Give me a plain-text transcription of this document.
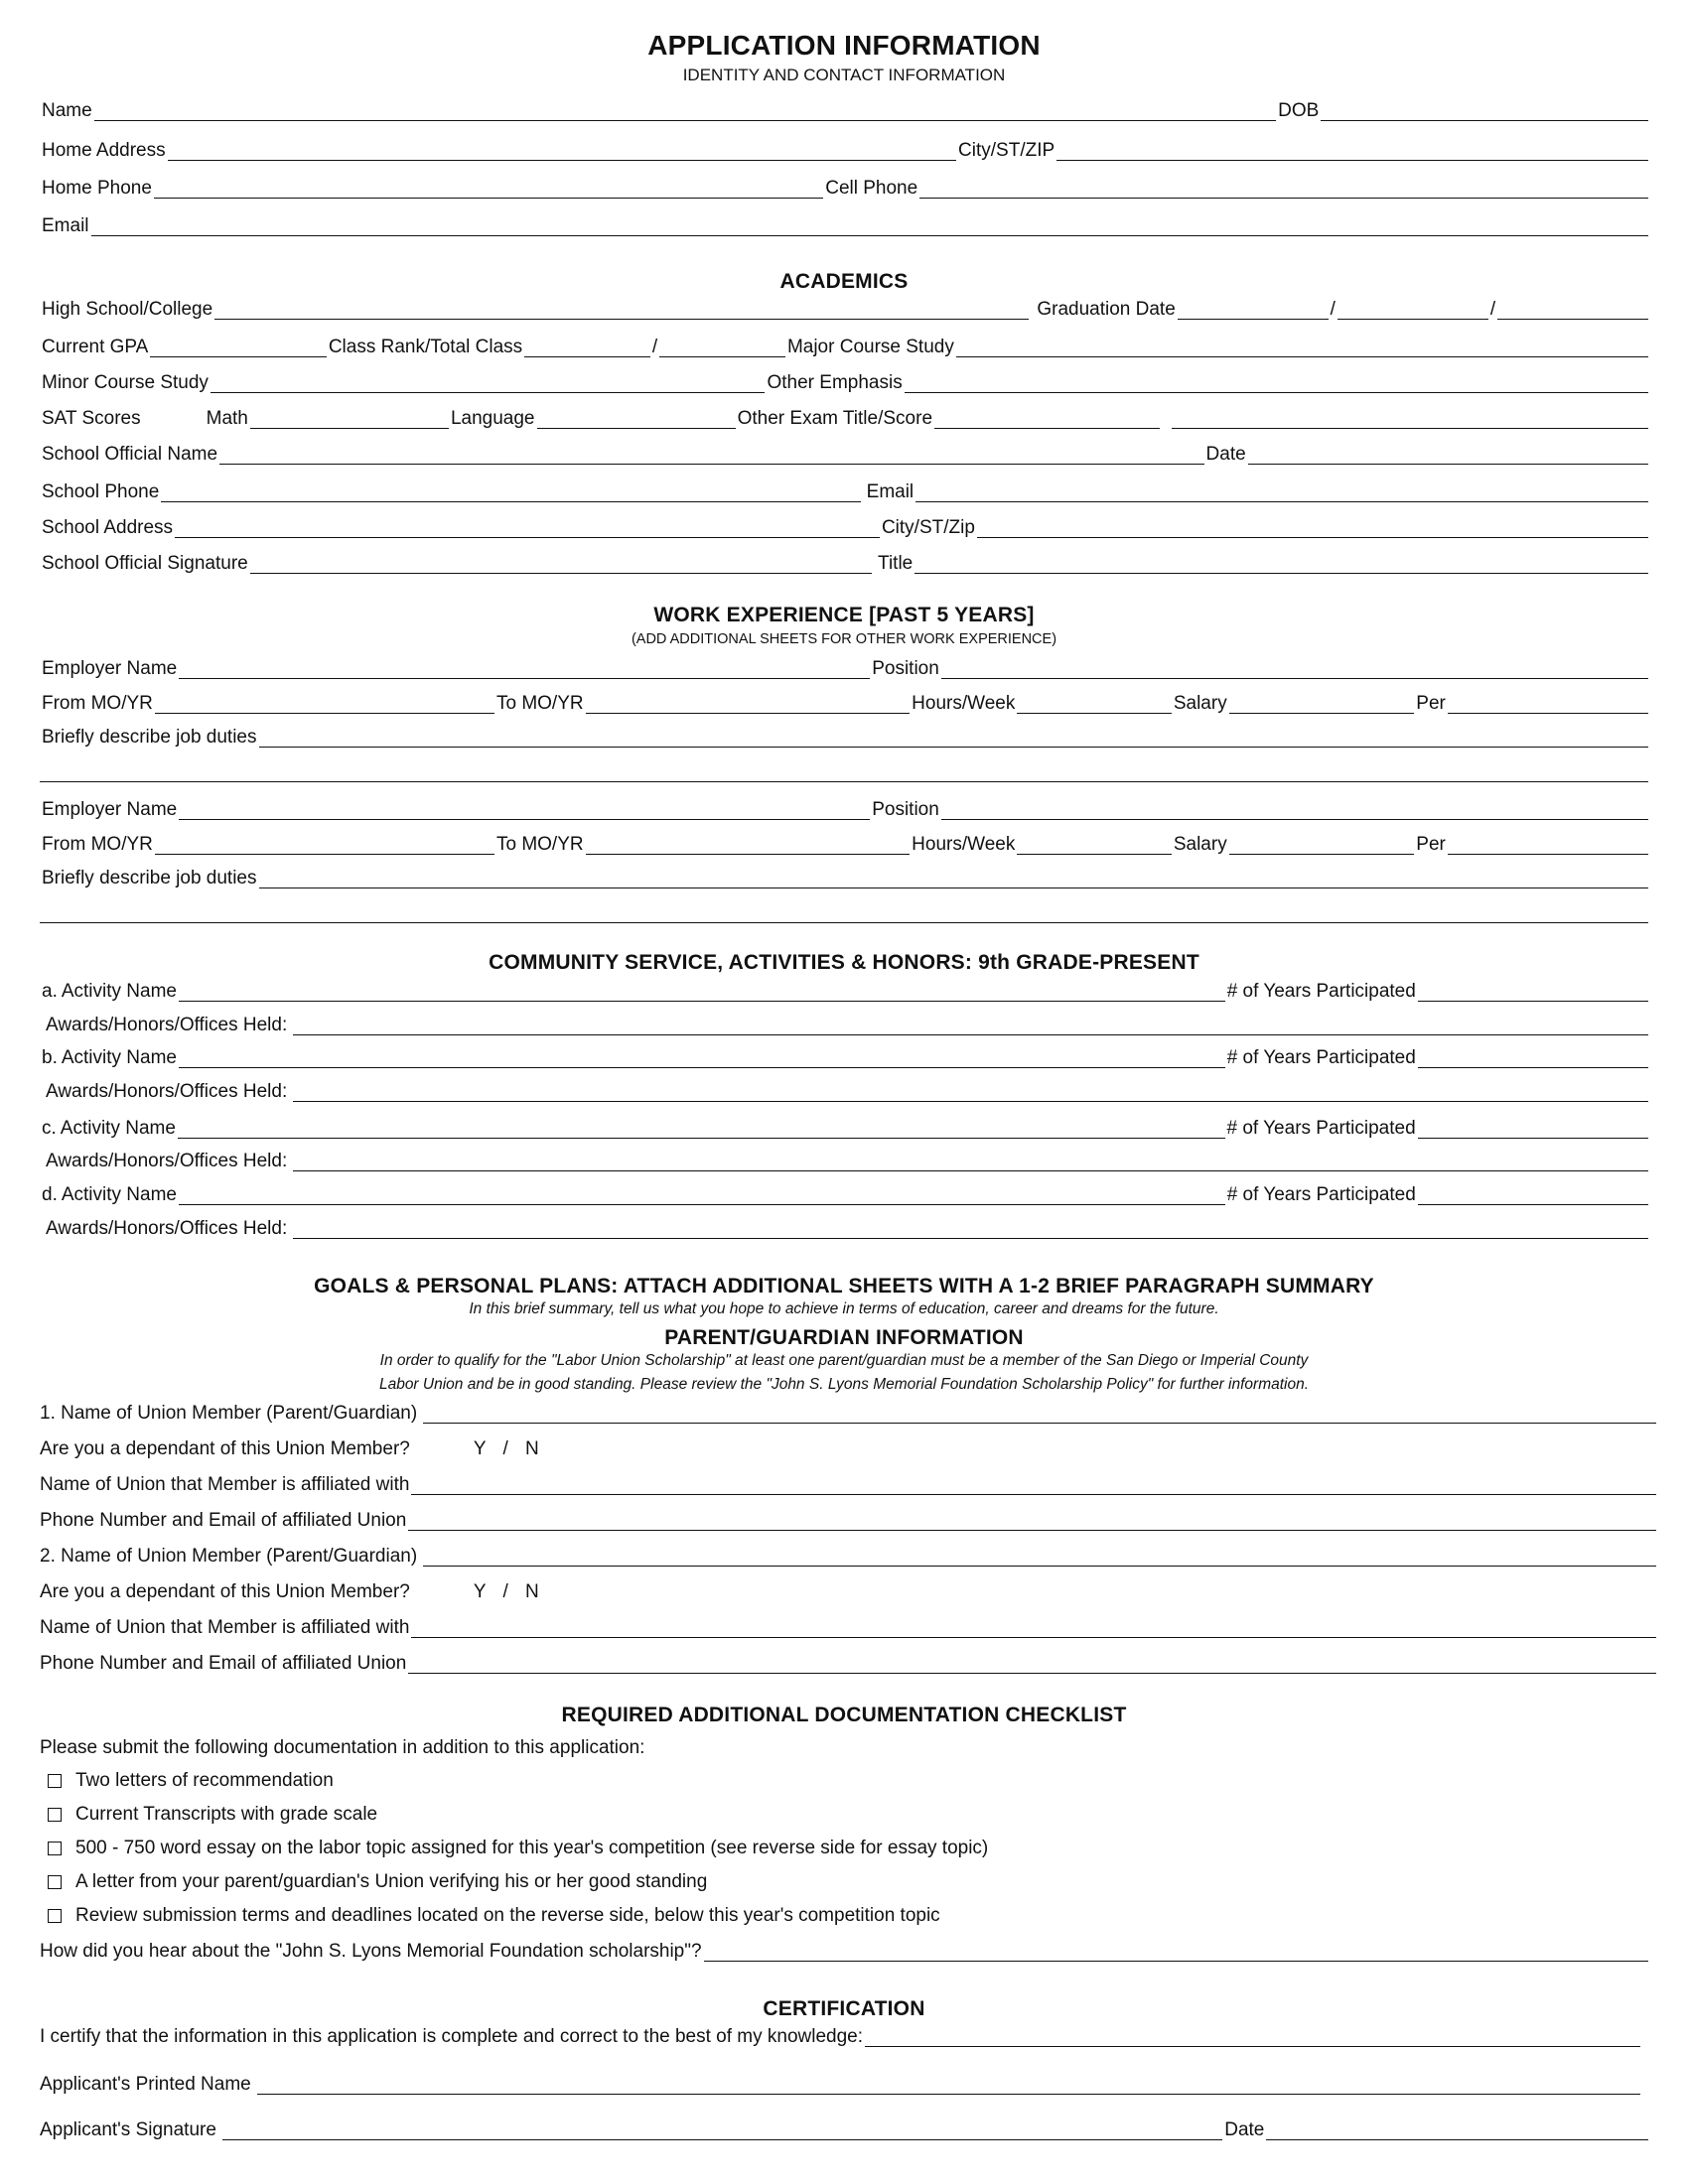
APPLICATION INFORMATION
IDENTITY AND CONTACT INFORMATION
Name	DOB
Home Address	City/ST/ZIP
Home Phone	Cell Phone
Email
ACADEMICS
High School/College	Graduation Date	/	/
Current GPA	Class Rank/Total Class	/	Major Course Study
Minor Course Study	Other Emphasis
SAT Scores	Math	Language	Other Exam Title/Score
School Official Name	Date
School Phone	Email
School Address	City/ST/Zip
School Official Signature	Title
WORK EXPERIENCE [PAST 5 YEARS]
(ADD ADDITIONAL SHEETS FOR OTHER WORK EXPERIENCE)
Employer Name	Position
From MO/YR	To MO/YR	Hours/Week	Salary	Per
Briefly describe job duties
Employer Name	Position
From MO/YR	To MO/YR	Hours/Week	Salary	Per
Briefly describe job duties
COMMUNITY SERVICE, ACTIVITIES & HONORS: 9th GRADE-PRESENT
a. Activity Name	# of Years Participated
Awards/Honors/Offices Held:
b. Activity Name	# of Years Participated
Awards/Honors/Offices Held:
c. Activity Name	# of Years Participated
Awards/Honors/Offices Held:
d. Activity Name	# of Years Participated
Awards/Honors/Offices Held:
GOALS & PERSONAL PLANS: ATTACH ADDITIONAL SHEETS WITH A 1-2 BRIEF PARAGRAPH SUMMARY
In this brief summary, tell us what you hope to achieve in terms of education, career and dreams for the future.
PARENT/GUARDIAN INFORMATION
In order to qualify for the "Labor Union Scholarship" at least one parent/guardian must be a member of the San Diego or Imperial County
Labor Union and be in good standing. Please review the "John S. Lyons Memorial Foundation Scholarship Policy" for further information.
1. Name of Union Member (Parent/Guardian)
Are you a dependant of this Union Member?	Y / N
Name of Union that Member is affiliated with
Phone Number and Email of affiliated Union
2. Name of Union Member (Parent/Guardian)
Are you a dependant of this Union Member?	Y / N
Name of Union that Member is affiliated with
Phone Number and Email of affiliated Union
REQUIRED ADDITIONAL DOCUMENTATION CHECKLIST
Please submit the following documentation in addition to this application:
Two letters of recommendation
Current Transcripts with grade scale
500 - 750 word essay on the labor topic assigned for this year's competition (see reverse side for essay topic)
A letter from your parent/guardian's Union verifying his or her good standing
Review submission terms and deadlines located on the reverse side, below this year's competition topic
How did you hear about the "John S. Lyons Memorial Foundation scholarship"?
CERTIFICATION
I certify that the information in this application is complete and correct to the best of my knowledge:
Applicant's Printed Name
Applicant's Signature	Date
